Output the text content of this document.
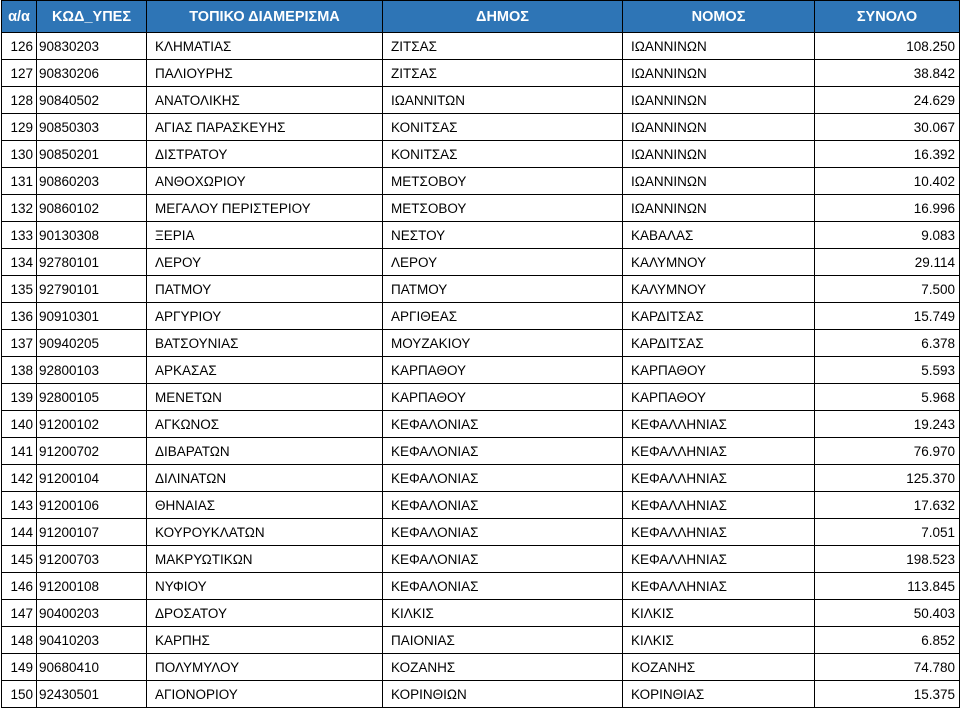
α/α	ΚΩΔ_ΥΠΕΣ	ΤΟΠΙΚΟ ΔΙΑΜΕΡΙΣΜΑ	ΔΗΜΟΣ	ΝΟΜΟΣ	ΣΥΝΟΛΟ
126	90830203	ΚΛΗΜΑΤΙΑΣ	ΖΙΤΣΑΣ	ΙΩΑΝΝΙΝΩΝ	108.250
127	90830206	ΠΑΛΙΟΥΡΗΣ	ΖΙΤΣΑΣ	ΙΩΑΝΝΙΝΩΝ	38.842
128	90840502	ΑΝΑΤΟΛΙΚΗΣ	ΙΩΑΝΝΙΤΩΝ	ΙΩΑΝΝΙΝΩΝ	24.629
129	90850303	ΑΓΙΑΣ ΠΑΡΑΣΚΕΥΗΣ	ΚΟΝΙΤΣΑΣ	ΙΩΑΝΝΙΝΩΝ	30.067
130	90850201	ΔΙΣΤΡΑΤΟΥ	ΚΟΝΙΤΣΑΣ	ΙΩΑΝΝΙΝΩΝ	16.392
131	90860203	ΑΝΘΟΧΩΡΙΟΥ	ΜΕΤΣΟΒΟΥ	ΙΩΑΝΝΙΝΩΝ	10.402
132	90860102	ΜΕΓΑΛΟΥ ΠΕΡΙΣΤΕΡΙΟΥ	ΜΕΤΣΟΒΟΥ	ΙΩΑΝΝΙΝΩΝ	16.996
133	90130308	ΞΕΡΙΑ	ΝΕΣΤΟΥ	ΚΑΒΑΛΑΣ	9.083
134	92780101	ΛΕΡΟΥ	ΛΕΡΟΥ	ΚΑΛΥΜΝΟΥ	29.114
135	92790101	ΠΑΤΜΟΥ	ΠΑΤΜΟΥ	ΚΑΛΥΜΝΟΥ	7.500
136	90910301	ΑΡΓΥΡΙΟΥ	ΑΡΓΙΘΕΑΣ	ΚΑΡΔΙΤΣΑΣ	15.749
137	90940205	ΒΑΤΣΟΥΝΙΑΣ	ΜΟΥΖΑΚΙΟΥ	ΚΑΡΔΙΤΣΑΣ	6.378
138	92800103	ΑΡΚΑΣΑΣ	ΚΑΡΠΑΘΟΥ	ΚΑΡΠΑΘΟΥ	5.593
139	92800105	ΜΕΝΕΤΩΝ	ΚΑΡΠΑΘΟΥ	ΚΑΡΠΑΘΟΥ	5.968
140	91200102	ΑΓΚΩΝΟΣ	ΚΕΦΑΛΟΝΙΑΣ	ΚΕΦΑΛΛΗΝΙΑΣ	19.243
141	91200702	ΔΙΒΑΡΑΤΩΝ	ΚΕΦΑΛΟΝΙΑΣ	ΚΕΦΑΛΛΗΝΙΑΣ	76.970
142	91200104	ΔΙΛΙΝΑΤΩΝ	ΚΕΦΑΛΟΝΙΑΣ	ΚΕΦΑΛΛΗΝΙΑΣ	125.370
143	91200106	ΘΗΝΑΙΑΣ	ΚΕΦΑΛΟΝΙΑΣ	ΚΕΦΑΛΛΗΝΙΑΣ	17.632
144	91200107	ΚΟΥΡΟΥΚΛΑΤΩΝ	ΚΕΦΑΛΟΝΙΑΣ	ΚΕΦΑΛΛΗΝΙΑΣ	7.051
145	91200703	ΜΑΚΡΥΩΤΙΚΩΝ	ΚΕΦΑΛΟΝΙΑΣ	ΚΕΦΑΛΛΗΝΙΑΣ	198.523
146	91200108	ΝΥΦΙΟΥ	ΚΕΦΑΛΟΝΙΑΣ	ΚΕΦΑΛΛΗΝΙΑΣ	113.845
147	90400203	ΔΡΟΣΑΤΟΥ	ΚΙΛΚΙΣ	ΚΙΛΚΙΣ	50.403
148	90410203	ΚΑΡΠΗΣ	ΠΑΙΟΝΙΑΣ	ΚΙΛΚΙΣ	6.852
149	90680410	ΠΟΛΥΜΥΛΟΥ	ΚΟΖΑΝΗΣ	ΚΟΖΑΝΗΣ	74.780
150	92430501	ΑΓΙΟΝΟΡΙΟΥ	ΚΟΡΙΝΘΙΩΝ	ΚΟΡΙΝΘΙΑΣ	15.375
